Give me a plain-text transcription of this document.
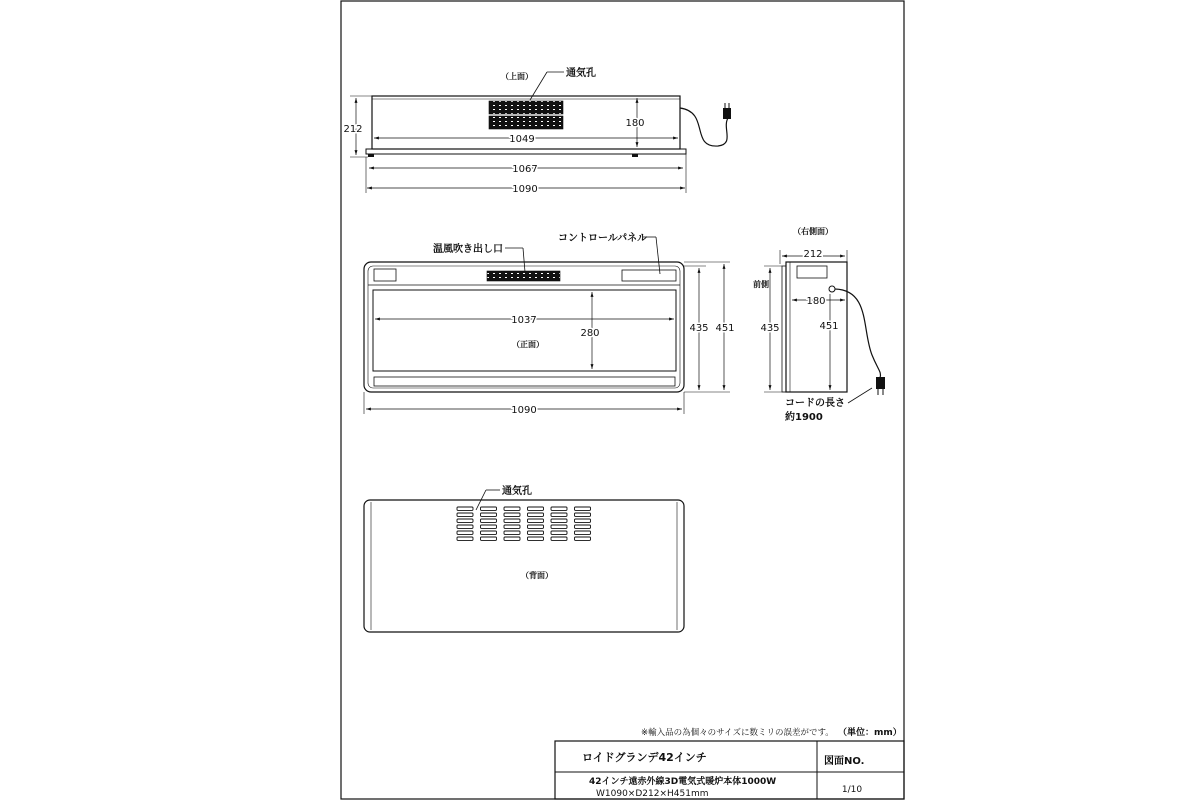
（上面）	通気孔
212
180
1049
1067
1090
温風吹き出し口
コントロールパネル
1037
280
（正面）
435 451
1090
（右側面）
212
前側
180
451
435
コードの長さ
約1900
通気孔
（背面）
※輸入品の為個々のサイズに数ミリの誤差がです。 （単位：mm）
ロイドグランデ42インチ	図面NO.
42インチ遠赤外線3D電気式暖炉本体1000W
W1090×D212×H451mm	1/10
